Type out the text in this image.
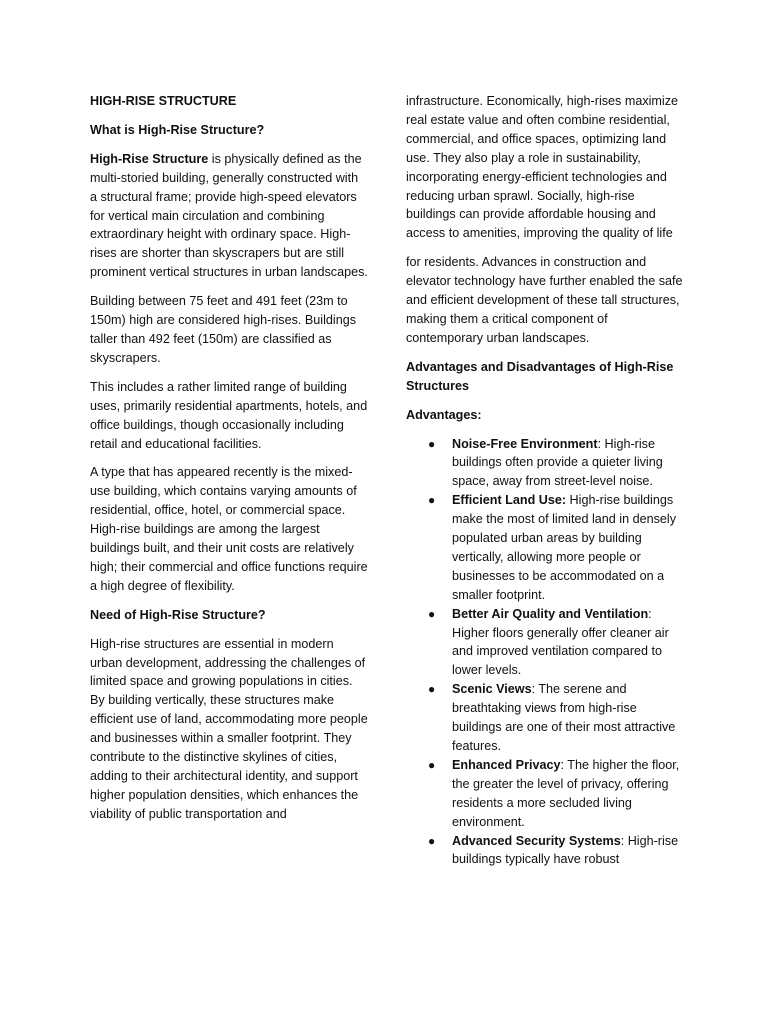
HIGH-RISE STRUCTURE

What is High-Rise Structure?

High-Rise Structure is physically defined as the multi-storied building, generally constructed with a structural frame; provide high-speed elevators for vertical main circulation and combining extraordinary height with ordinary space. High-rises are shorter than skyscrapers but are still prominent vertical structures in urban landscapes.

Building between 75 feet and 491 feet (23m to 150m) high are considered high-rises. Buildings taller than 492 feet (150m) are classified as skyscrapers.

This includes a rather limited range of building uses, primarily residential apartments, hotels, and office buildings, though occasionally including retail and educational facilities.

A type that has appeared recently is the mixed-use building, which contains varying amounts of residential, office, hotel, or commercial space. High-rise buildings are among the largest buildings built, and their unit costs are relatively high; their commercial and office functions require a high degree of flexibility.

Need of High-Rise Structure?

High-rise structures are essential in modern urban development, addressing the challenges of limited space and growing populations in cities. By building vertically, these structures make efficient use of land, accommodating more people and businesses within a smaller footprint. They contribute to the distinctive skylines of cities, adding to their architectural identity, and support higher population densities, which enhances the viability of public transportation and

infrastructure. Economically, high-rises maximize real estate value and often combine residential, commercial, and office spaces, optimizing land use. They also play a role in sustainability, incorporating energy-efficient technologies and reducing urban sprawl. Socially, high-rise buildings can provide affordable housing and access to amenities, improving the quality of life

for residents. Advances in construction and elevator technology have further enabled the safe and efficient development of these tall structures, making them a critical component of contemporary urban landscapes.

Advantages and Disadvantages of High-Rise Structures

Advantages:

● Noise-Free Environment: High-rise buildings often provide a quieter living space, away from street-level noise.
● Efficient Land Use: High-rise buildings make the most of limited land in densely populated urban areas by building vertically, allowing more people or businesses to be accommodated on a smaller footprint.
● Better Air Quality and Ventilation: Higher floors generally offer cleaner air and improved ventilation compared to lower levels.
● Scenic Views: The serene and breathtaking views from high-rise buildings are one of their most attractive features.
● Enhanced Privacy: The higher the floor, the greater the level of privacy, offering residents a more secluded living environment.
● Advanced Security Systems: High-rise buildings typically have robust
